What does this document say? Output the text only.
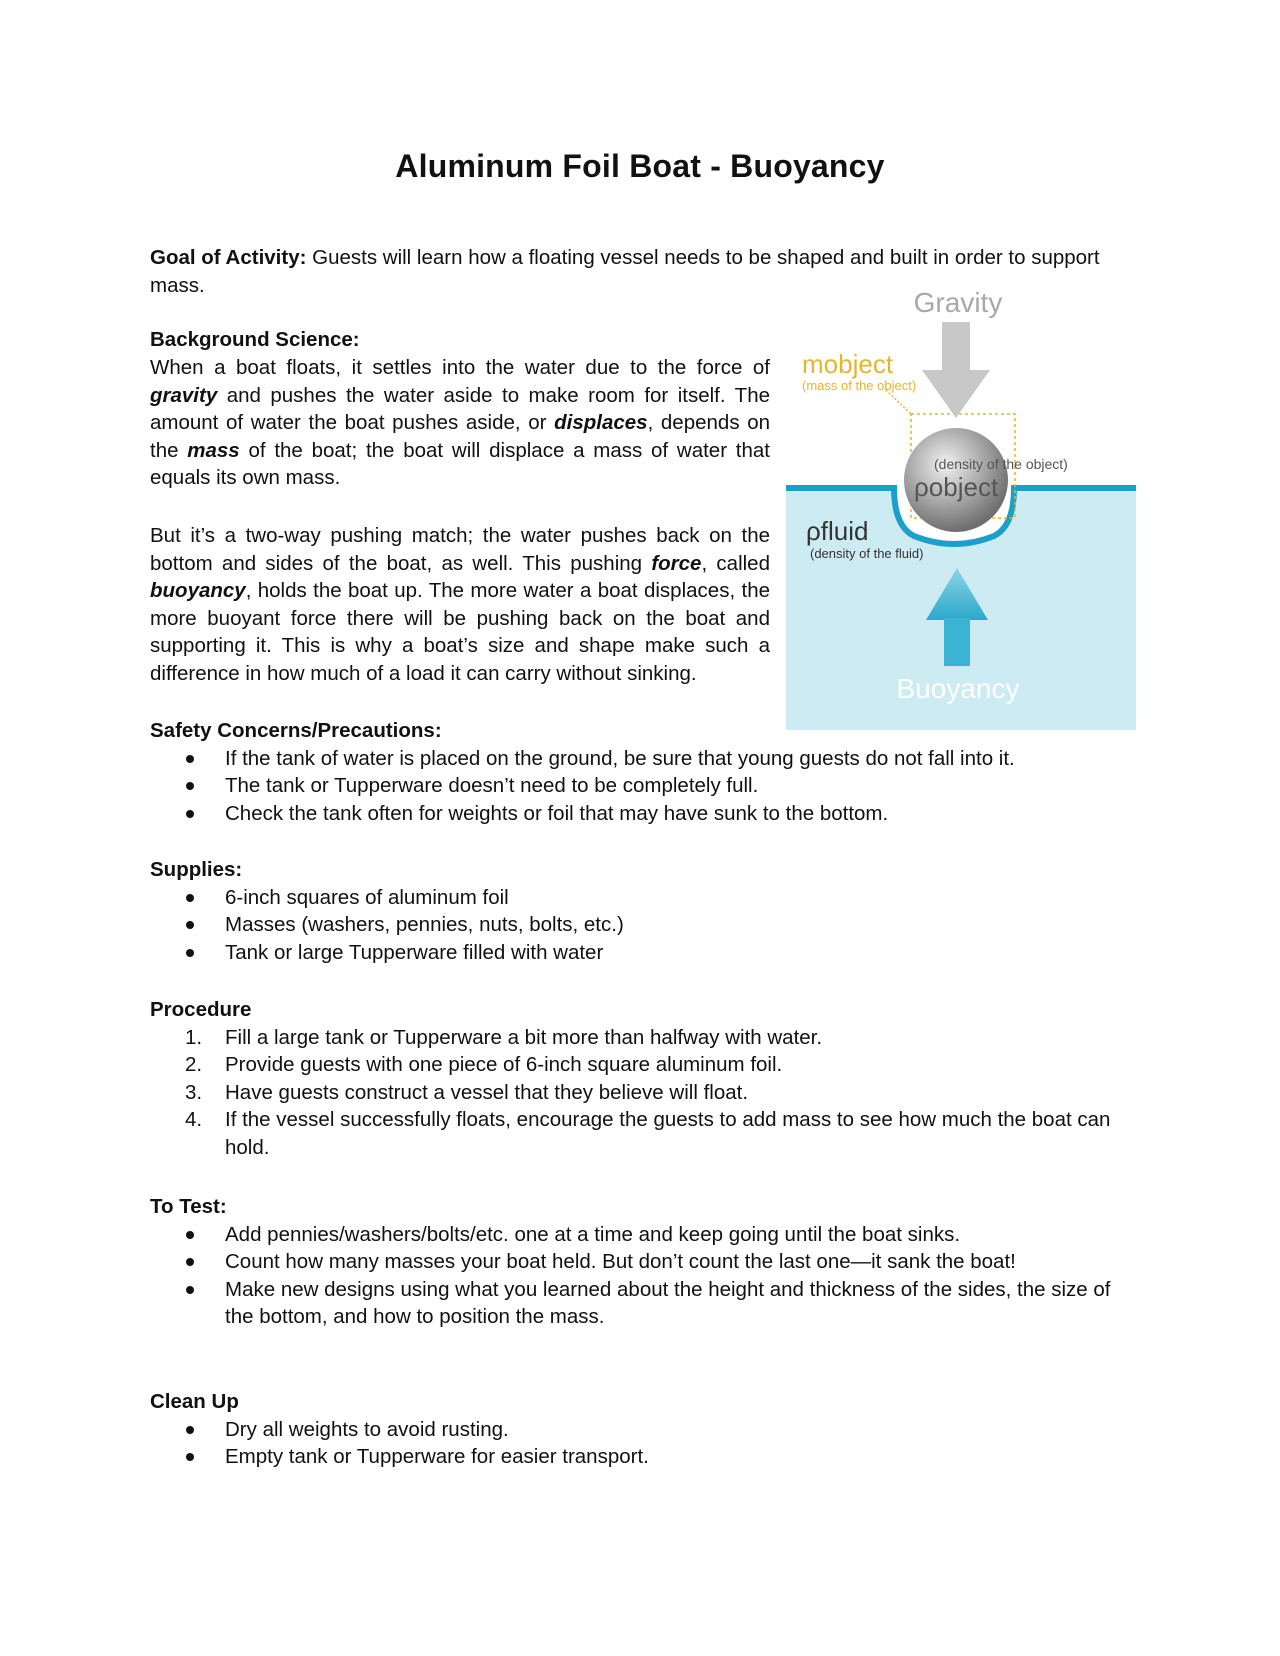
Aluminum Foil Boat - Buoyancy
Goal of Activity: Guests will learn how a floating vessel needs to be shaped and built in order to support mass.
Background Science:
When a boat floats, it settles into the water due to the force of gravity and pushes the water aside to make room for itself. The amount of water the boat pushes aside, or displaces, depends on the mass of the boat; the boat will displace a mass of water that equals its own mass.
But it’s a two-way pushing match; the water pushes back on the bottom and sides of the boat, as well. This pushing force, called buoyancy, holds the boat up. The more water a boat displaces, the more buoyant force there will be pushing back on the boat and supporting it. This is why a boat’s size and shape make such a difference in how much of a load it can carry without sinking.
Gravity
mobject
(mass of the object)
(density of the object)
ρobject
ρfluid
(density of the fluid)
Buoyancy
Safety Concerns/Precautions:
If the tank of water is placed on the ground, be sure that young guests do not fall into it.
The tank or Tupperware doesn’t need to be completely full.
Check the tank often for weights or foil that may have sunk to the bottom.
Supplies:
6-inch squares of aluminum foil
Masses (washers, pennies, nuts, bolts, etc.)
Tank or large Tupperware filled with water
Procedure
1. Fill a large tank or Tupperware a bit more than halfway with water.
2. Provide guests with one piece of 6-inch square aluminum foil.
3. Have guests construct a vessel that they believe will float.
4. If the vessel successfully floats, encourage the guests to add mass to see how much the boat can hold.
To Test:
Add pennies/washers/bolts/etc. one at a time and keep going until the boat sinks.
Count how many masses your boat held. But don’t count the last one—it sank the boat!
Make new designs using what you learned about the height and thickness of the sides, the size of the bottom, and how to position the mass.
Clean Up
Dry all weights to avoid rusting.
Empty tank or Tupperware for easier transport.
